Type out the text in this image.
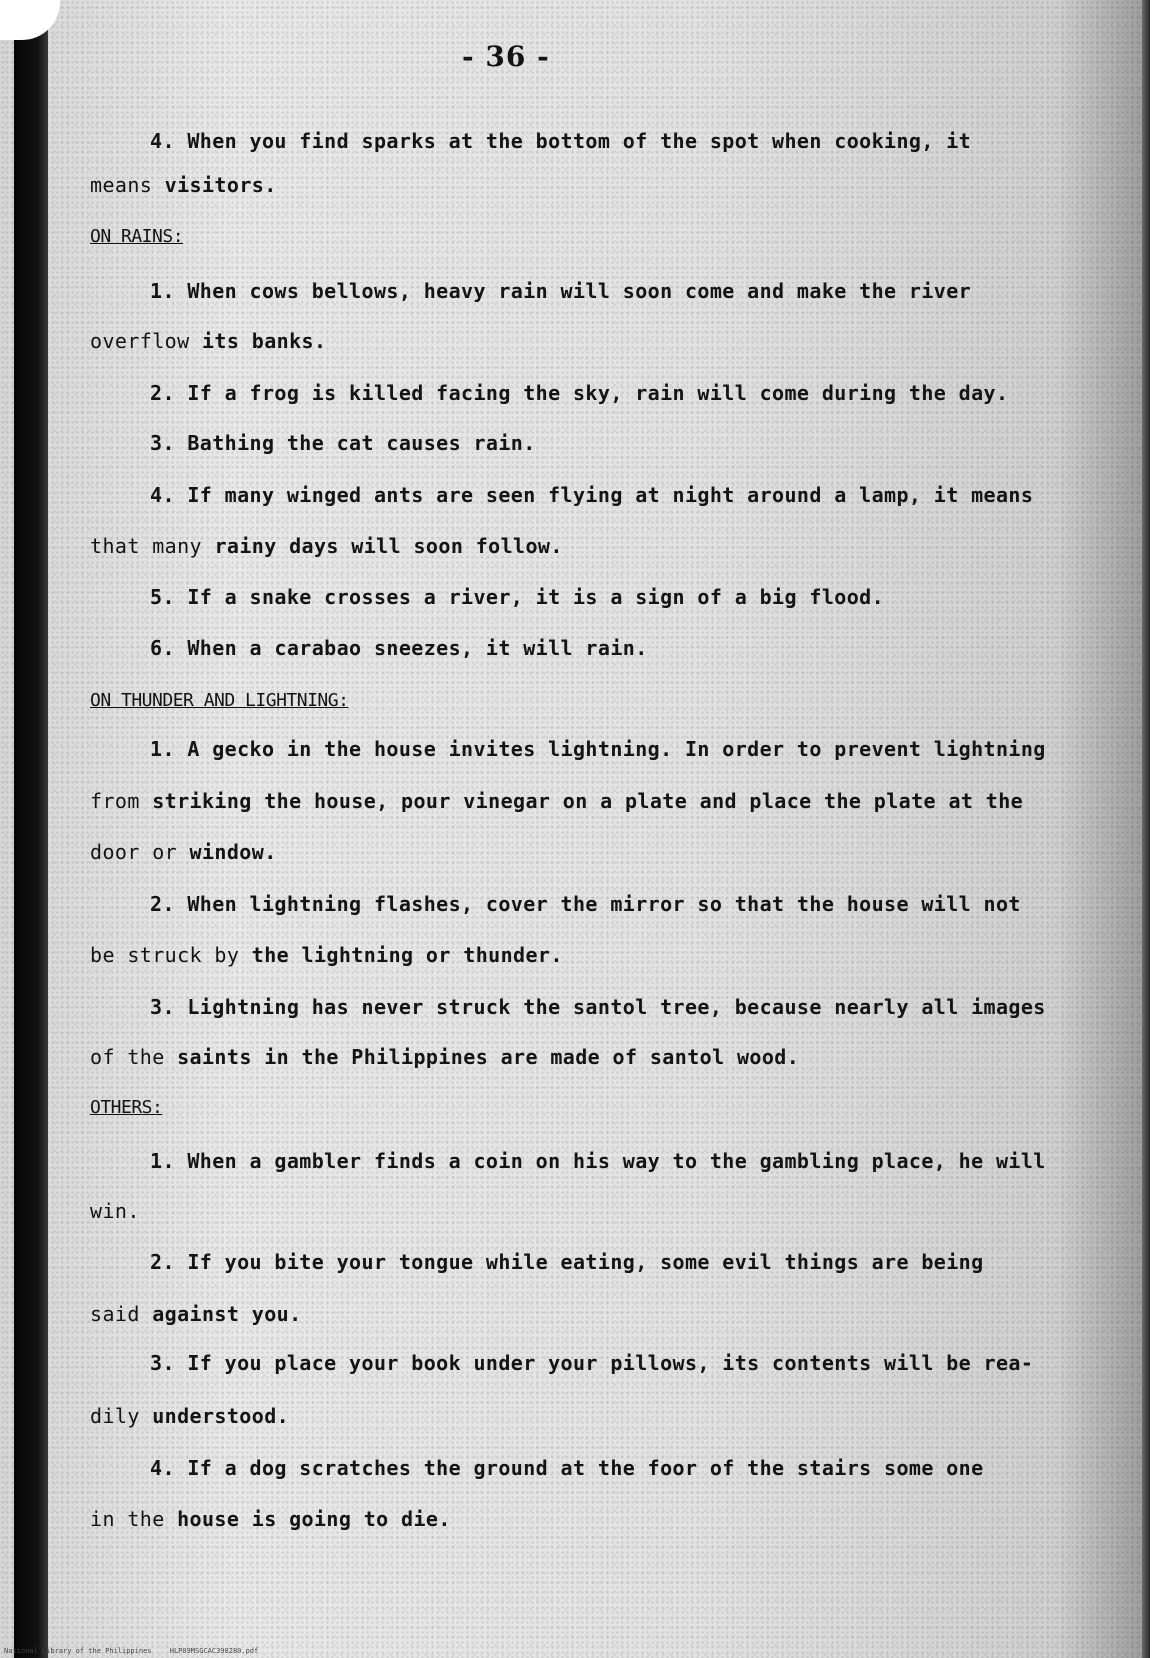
- 36 -
4. When you find sparks at the bottom of the spot when cooking, it
means visitors.
ON RAINS:
1. When cows bellows, heavy rain will soon come and make the river
overflow its banks.
2. If a frog is killed facing the sky, rain will come during the day.
3. Bathing the cat causes rain.
4. If many winged ants are seen flying at night around a lamp, it means
that many rainy days will soon follow.
5. If a snake crosses a river, it is a sign of a big flood.
6. When a carabao sneezes, it will rain.
ON THUNDER AND LIGHTNING:
1. A gecko in the house invites lightning. In order to prevent lightning
from striking the house, pour vinegar on a plate and place the plate at the
door or window.
2. When lightning flashes, cover the mirror so that the house will not
be struck by the lightning or thunder.
3. Lightning has never struck the santol tree, because nearly all images
of the saints in the Philippines are made of santol wood.
OTHERS:
1. When a gambler finds a coin on his way to the gambling place, he will
win.
2. If you bite your tongue while eating, some evil things are being
said against you.
3. If you place your book under your pillows, its contents will be rea-
dily understood.
4. If a dog scratches the ground at the foor of the stairs some one
in the house is going to die.
National Library of the Philippines	HLP09MSGCAC390280.pdf
